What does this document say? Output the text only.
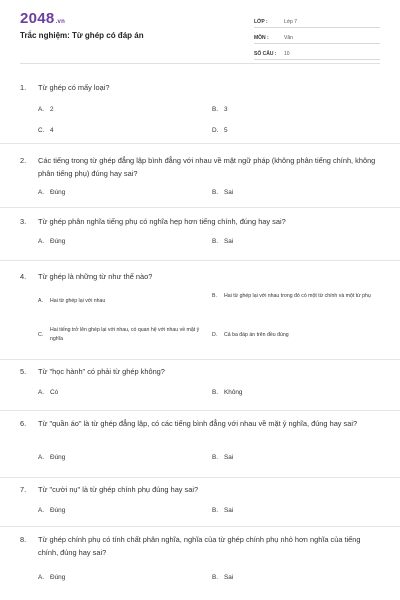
2048.vn
Trắc nghiệm: Từ ghép có đáp án
LỚP :	Lớp 7
MÔN :	Văn
SỐ CÂU :	10
1.	Từ ghép có mấy loại?
A. 2	B. 3
C. 4	D. 5
2.	Các tiếng trong từ ghép đẳng lập bình đẳng với nhau về mặt ngữ pháp (không phân tiếng chính, không phân tiếng phụ) đúng hay sai?
A. Đúng	B. Sai
3.	Từ ghép phân nghĩa tiếng phụ có nghĩa hẹp hơn tiếng chính, đúng hay sai?
A. Đúng	B. Sai
4.	Từ ghép là những từ như thế nào?
A.	Hai từ ghép lại với nhau
B.	Hai từ ghép lại với nhau trong đó có một từ chính và một từ phụ
C.
Hai tiếng trở lên ghép lại với nhau, có quan hệ với nhau về mặt ý nghĩa
D.	Cả ba đáp án trên đều đúng
5.	Từ "học hành" có phải từ ghép không?
A. Có	B. Không
6.	Từ "quần áo" là từ ghép đẳng lập, có các tiếng bình đẳng với nhau về mặt ý nghĩa, đúng hay sai?
A. Đúng	B. Sai
7.	Từ "cười nụ" là từ ghép chính phụ đúng hay sai?
A. Đúng	B. Sai
8.	Từ ghép chính phụ có tính chất phân nghĩa, nghĩa của từ ghép chính phụ nhỏ hơn nghĩa của tiếng chính, đúng hay sai?
A. Đúng	B. Sai
